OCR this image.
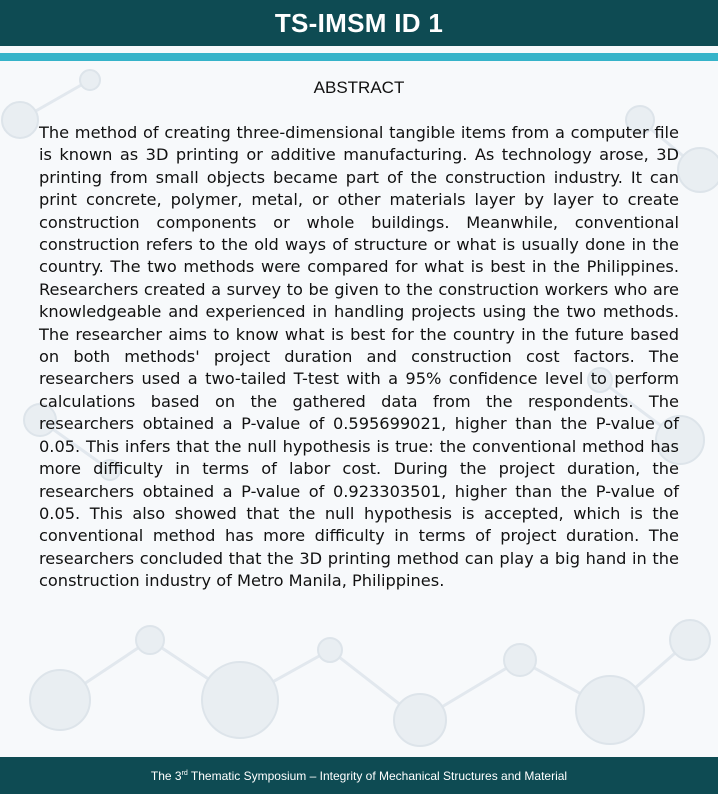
TS-IMSM ID 1
ABSTRACT

The method of creating three-dimensional tangible items from a computer file is known as 3D printing or additive manufacturing. As technology arose, 3D printing from small objects became part of the construction industry. It can print concrete, polymer, metal, or other materials layer by layer to create construction components or whole buildings. Meanwhile, conventional construction refers to the old ways of structure or what is usually done in the country. The two methods were compared for what is best in the Philippines. Researchers created a survey to be given to the construction workers who are knowledgeable and experienced in handling projects using the two methods. The researcher aims to know what is best for the country in the future based on both methods' project duration and construction cost factors. The researchers used a two-tailed T-test with a 95% confidence level to perform calculations based on the gathered data from the respondents. The researchers obtained a P-value of 0.595699021, higher than the P-value of 0.05. This infers that the null hypothesis is true: the conventional method has more difficulty in terms of labor cost. During the project duration, the researchers obtained a P-value of 0.923303501, higher than the P-value of 0.05. This also showed that the null hypothesis is accepted, which is the conventional method has more difficulty in terms of project duration. The researchers concluded that the 3D printing method can play a big hand in the construction industry of Metro Manila, Philippines.

The 3rd Thematic Symposium – Integrity of Mechanical Structures and Material
